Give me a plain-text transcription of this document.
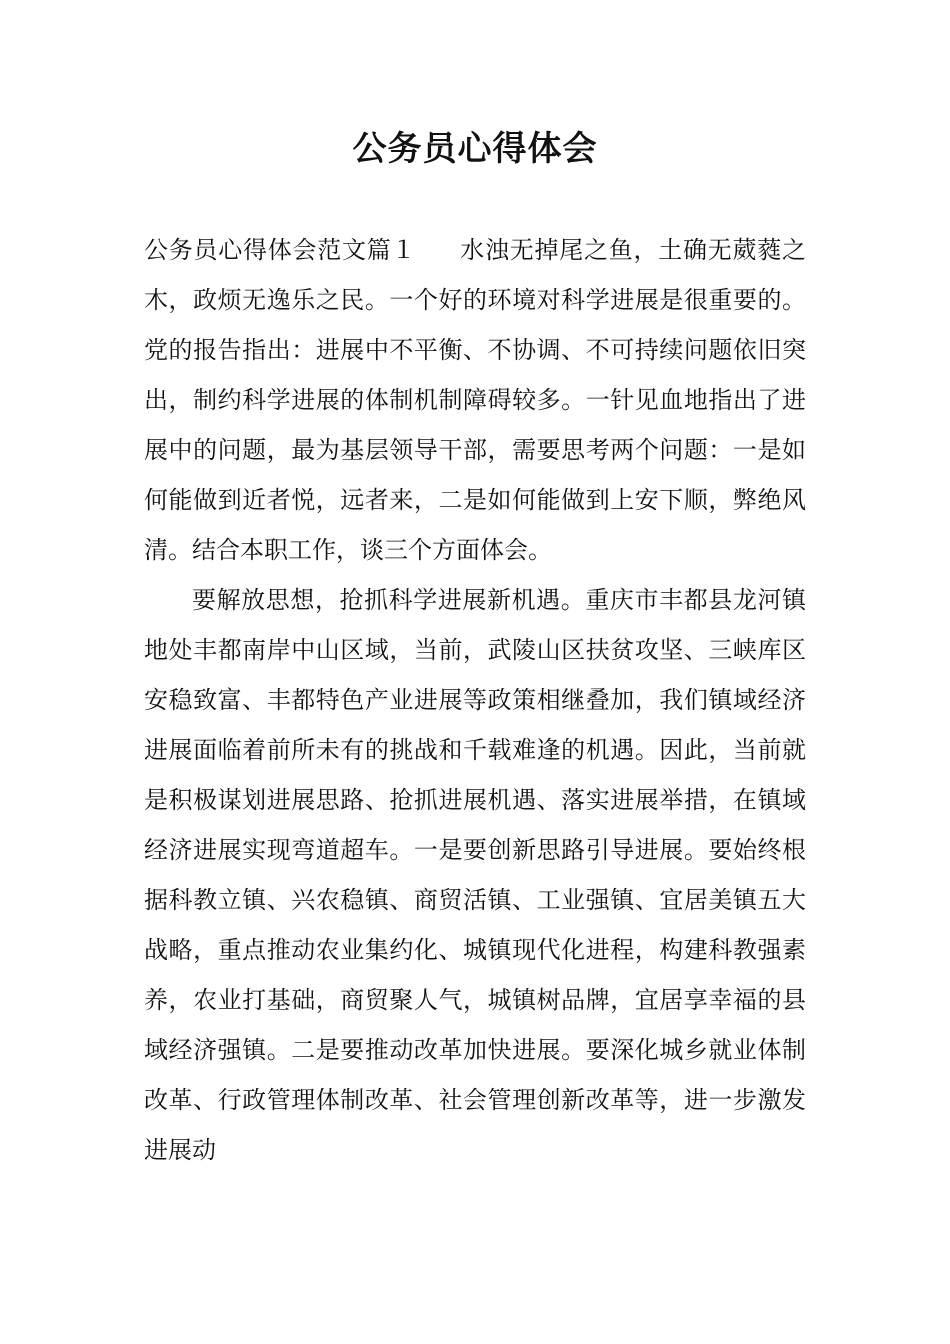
公务员心得体会

公务员心得体会范文篇１ 水浊无掉尾之鱼，土确无葳蕤之木，政烦无逸乐之民。一个好的环境对科学进展是很重要的。党的报告指出：进展中不平衡、不协调、不可持续问题依旧突出，制约科学进展的体制机制障碍较多。一针见血地指出了进展中的问题，最为基层领导干部，需要思考两个问题：一是如何能做到近者悦，远者来，二是如何能做到上安下顺，弊绝风清。结合本职工作，谈三个方面体会。

要解放思想，抢抓科学进展新机遇。重庆市丰都县龙河镇地处丰都南岸中山区域，当前，武陵山区扶贫攻坚、三峡库区安稳致富、丰都特色产业进展等政策相继叠加，我们镇域经济进展面临着前所未有的挑战和千载难逢的机遇。因此，当前就是积极谋划进展思路、抢抓进展机遇、落实进展举措，在镇域经济进展实现弯道超车。一是要创新思路引导进展。要始终根据科教立镇、兴农稳镇、商贸活镇、工业强镇、宜居美镇五大战略，重点推动农业集约化、城镇现代化进程，构建科教强素养，农业打基础，商贸聚人气，城镇树品牌，宜居享幸福的县域经济强镇。二是要推动改革加快进展。要深化城乡就业体制改革、行政管理体制改革、社会管理创新改革等，进一步激发进展动
